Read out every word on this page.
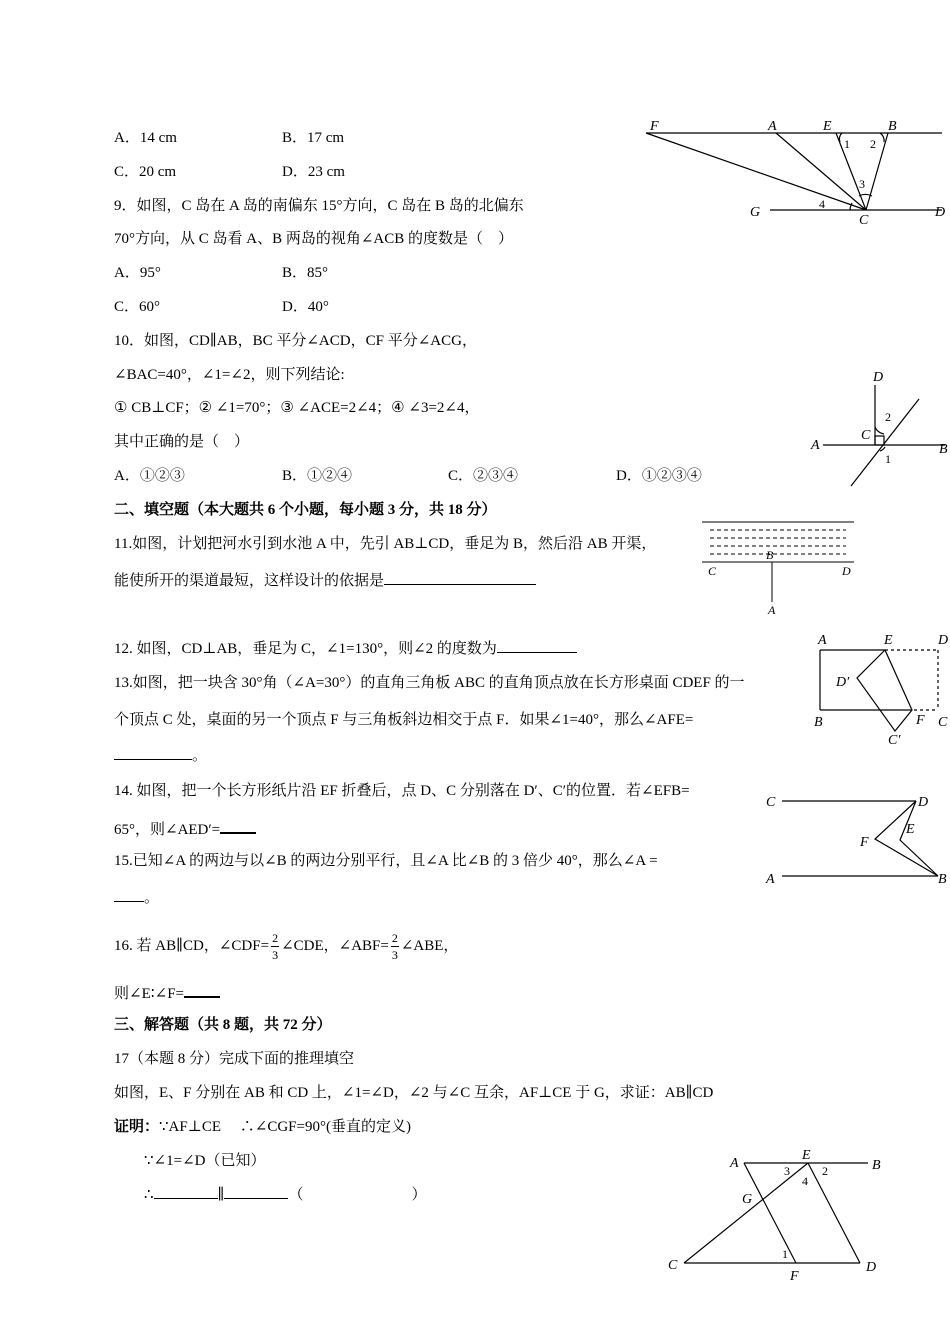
A．14 cm	B．17 cm
C．20 cm	D．23 cm
9．如图，C 岛在 A 岛的南偏东 15°方向，C 岛在 B 岛的北偏东
70°方向，从 C 岛看 A、B 两岛的视角∠ACB 的度数是（　）
A．95°	B．85°
C．60°	D．40°
10．如图，CD∥AB，BC 平分∠ACD，CF 平分∠ACG，
∠BAC=40°，∠1=∠2，则下列结论:
① CB⊥CF；② ∠1=70°；③ ∠ACE=2∠4；④ ∠3=2∠4，
其中正确的是（　）
A．①②③	B．①②④	C．②③④	D．①②③④
二、填空题（本大题共 6 个小题，每小题 3 分，共 18 分）
11.如图，计划把河水引到水池 A 中，先引 AB⊥CD，垂足为 B，然后沿 AB 开渠，
能使所开的渠道最短，这样设计的依据是
12. 如图，CD⊥AB，垂足为 C，∠1=130°，则∠2 的度数为
13.如图，把一块含 30°角（∠A=30°）的直角三角板 ABC 的直角顶点放在长方形桌面 CDEF 的一
个顶点 C 处，桌面的另一个顶点 F 与三角板斜边相交于点 F．如果∠1=40°，那么∠AFE=
。
14. 如图，把一个长方形纸片沿 EF 折叠后，点 D、C 分别落在 D′、C′的位置．若∠EFB=
65°，则∠AED′=
15.已知∠A 的两边与以∠B 的两边分别平行，且∠A 比∠B 的 3 倍少 40°，那么∠A =
。
16. 若 AB∥CD，∠CDF= $\frac{2}{3}$ ∠CDE，∠ABF= $\frac{2}{3}$ ∠ABE，
则∠E∶∠F=
三、解答题（共 8 题，共 72 分）
17（本题 8 分）完成下面的推理填空
如图，E、F 分别在 AB 和 CD 上，∠1=∠D，∠2 与∠C 互余，AF⊥CE 于 G，求证：AB∥CD
证明：∵AF⊥CE　 ∴∠CGF=90°(垂直的定义)
∵∠1=∠D（已知）
∴	∥	（	）
F	A	E	B
G
C
D
1 2
3
4
D
C
A	B
1
2
B
C	D
A
A	E	D
D′
B	F C
C′
C	D
E
F
A	B
A
E
B
G
C
F
D
3	2
4
1
